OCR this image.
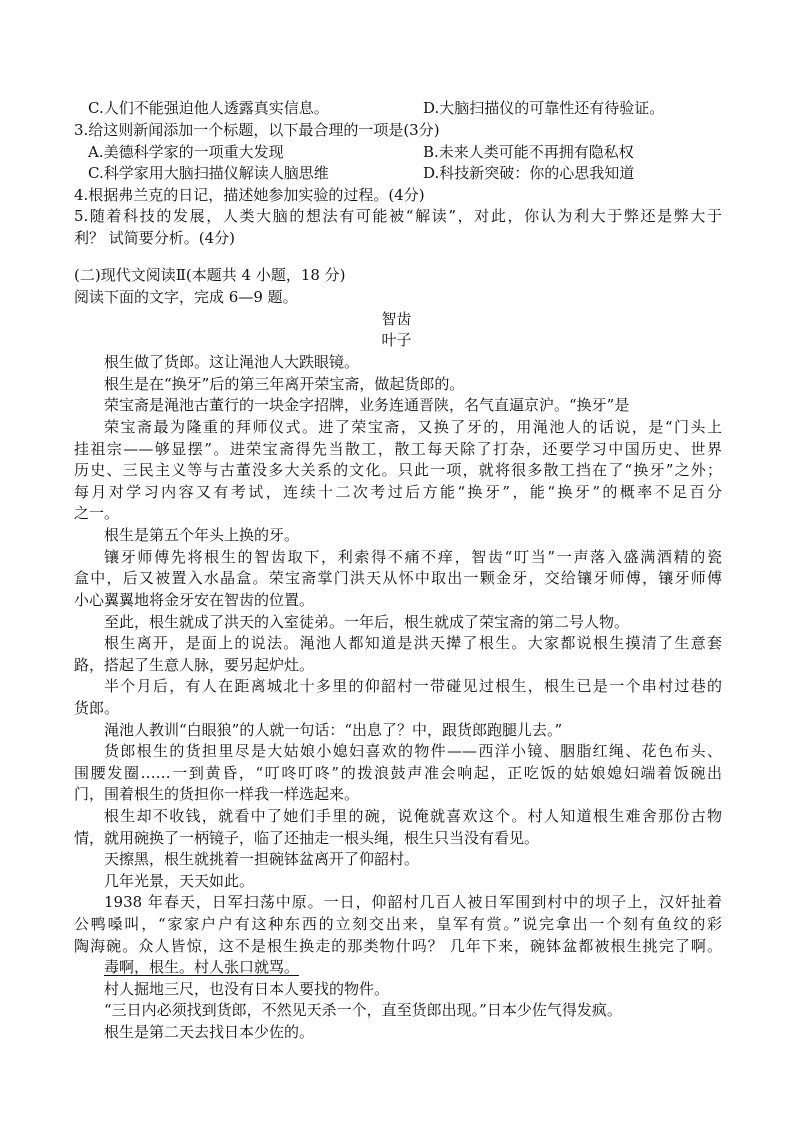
C.人们不能强迫他人透露真实信息。	D.大脑扫描仪的可靠性还有待验证。
3.给这则新闻添加一个标题，以下最合理的一项是(3分)
A.美德科学家的一项重大发现	B.未来人类可能不再拥有隐私权
C.科学家用大脑扫描仪解读人脑思维	D.科技新突破：你的心思我知道
4.根据弗兰克的日记，描述她参加实验的过程。(4分)
5.随着科技的发展，人类大脑的想法有可能被“解读”，对此，你认为利大于弊还是弊大于
利？ 试简要分析。(4分)
(二)现代文阅读Ⅱ(本题共 4 小题，18 分)
阅读下面的文字，完成 6—9 题。
智齿
叶子
根生做了货郎。这让渑池人大跌眼镜。
根生是在“换牙”后的第三年离开荣宝斋，做起货郎的。
荣宝斋是渑池古董行的一块金字招牌，业务连通晋陕，名气直逼京沪。“换牙”是
荣宝斋最为隆重的拜师仪式。进了荣宝斋，又换了牙的，用渑池人的话说，是“门头上
挂祖宗——够显摆”。进荣宝斋得先当散工，散工每天除了打杂，还要学习中国历史、世界
历史、三民主义等与古董没多大关系的文化。只此一项，就将很多散工挡在了“换牙”之外；
每月对学习内容又有考试，连续十二次考过后方能“换牙”，能“换牙”的概率不足百分
之一。
根生是第五个年头上换的牙。
镶牙师傅先将根生的智齿取下，利索得不痛不痒，智齿“叮当”一声落入盛满酒精的瓷
盒中，后又被置入水晶盒。荣宝斋掌门洪天从怀中取出一颗金牙，交给镶牙师傅，镶牙师傅
小心翼翼地将金牙安在智齿的位置。
至此，根生就成了洪天的入室徒弟。一年后，根生就成了荣宝斋的第二号人物。
根生离开，是面上的说法。渑池人都知道是洪天撵了根生。大家都说根生摸清了生意套
路，搭起了生意人脉，要另起炉灶。
半个月后，有人在距离城北十多里的仰韶村一带碰见过根生，根生已是一个串村过巷的
货郎。
渑池人教训“白眼狼”的人就一句话：“出息了？中，跟货郎跑腿儿去。”
货郎根生的货担里尽是大姑娘小媳妇喜欢的物件——西洋小镜、胭脂红绳、花色布头、
围腰发圈……一到黄昏，“叮咚叮咚”的拨浪鼓声准会响起，正吃饭的姑娘媳妇端着饭碗出
门，围着根生的货担你一样我一样选起来。
根生却不收钱，就看中了她们手里的碗，说俺就喜欢这个。村人知道根生难舍那份古物
情，就用碗换了一柄镜子，临了还抽走一根头绳，根生只当没有看见。
天擦黑，根生就挑着一担碗钵盆离开了仰韶村。
几年光景，天天如此。
1938 年春天，日军扫荡中原。一日，仰韶村几百人被日军围到村中的坝子上，汉奸扯着
公鸭嗓叫，“家家户户有这种东西的立刻交出来，皇军有赏。”说完拿出一个刻有鱼纹的彩
陶海碗。众人皆惊，这不是根生换走的那类物什吗？ 几年下来，碗钵盆都被根生挑完了啊。
毒啊，根生。村人张口就骂。
村人掘地三尺，也没有日本人要找的物件。
“三日内必须找到货郎，不然见天杀一个，直至货郎出现。”日本少佐气得发疯。
根生是第二天去找日本少佐的。
